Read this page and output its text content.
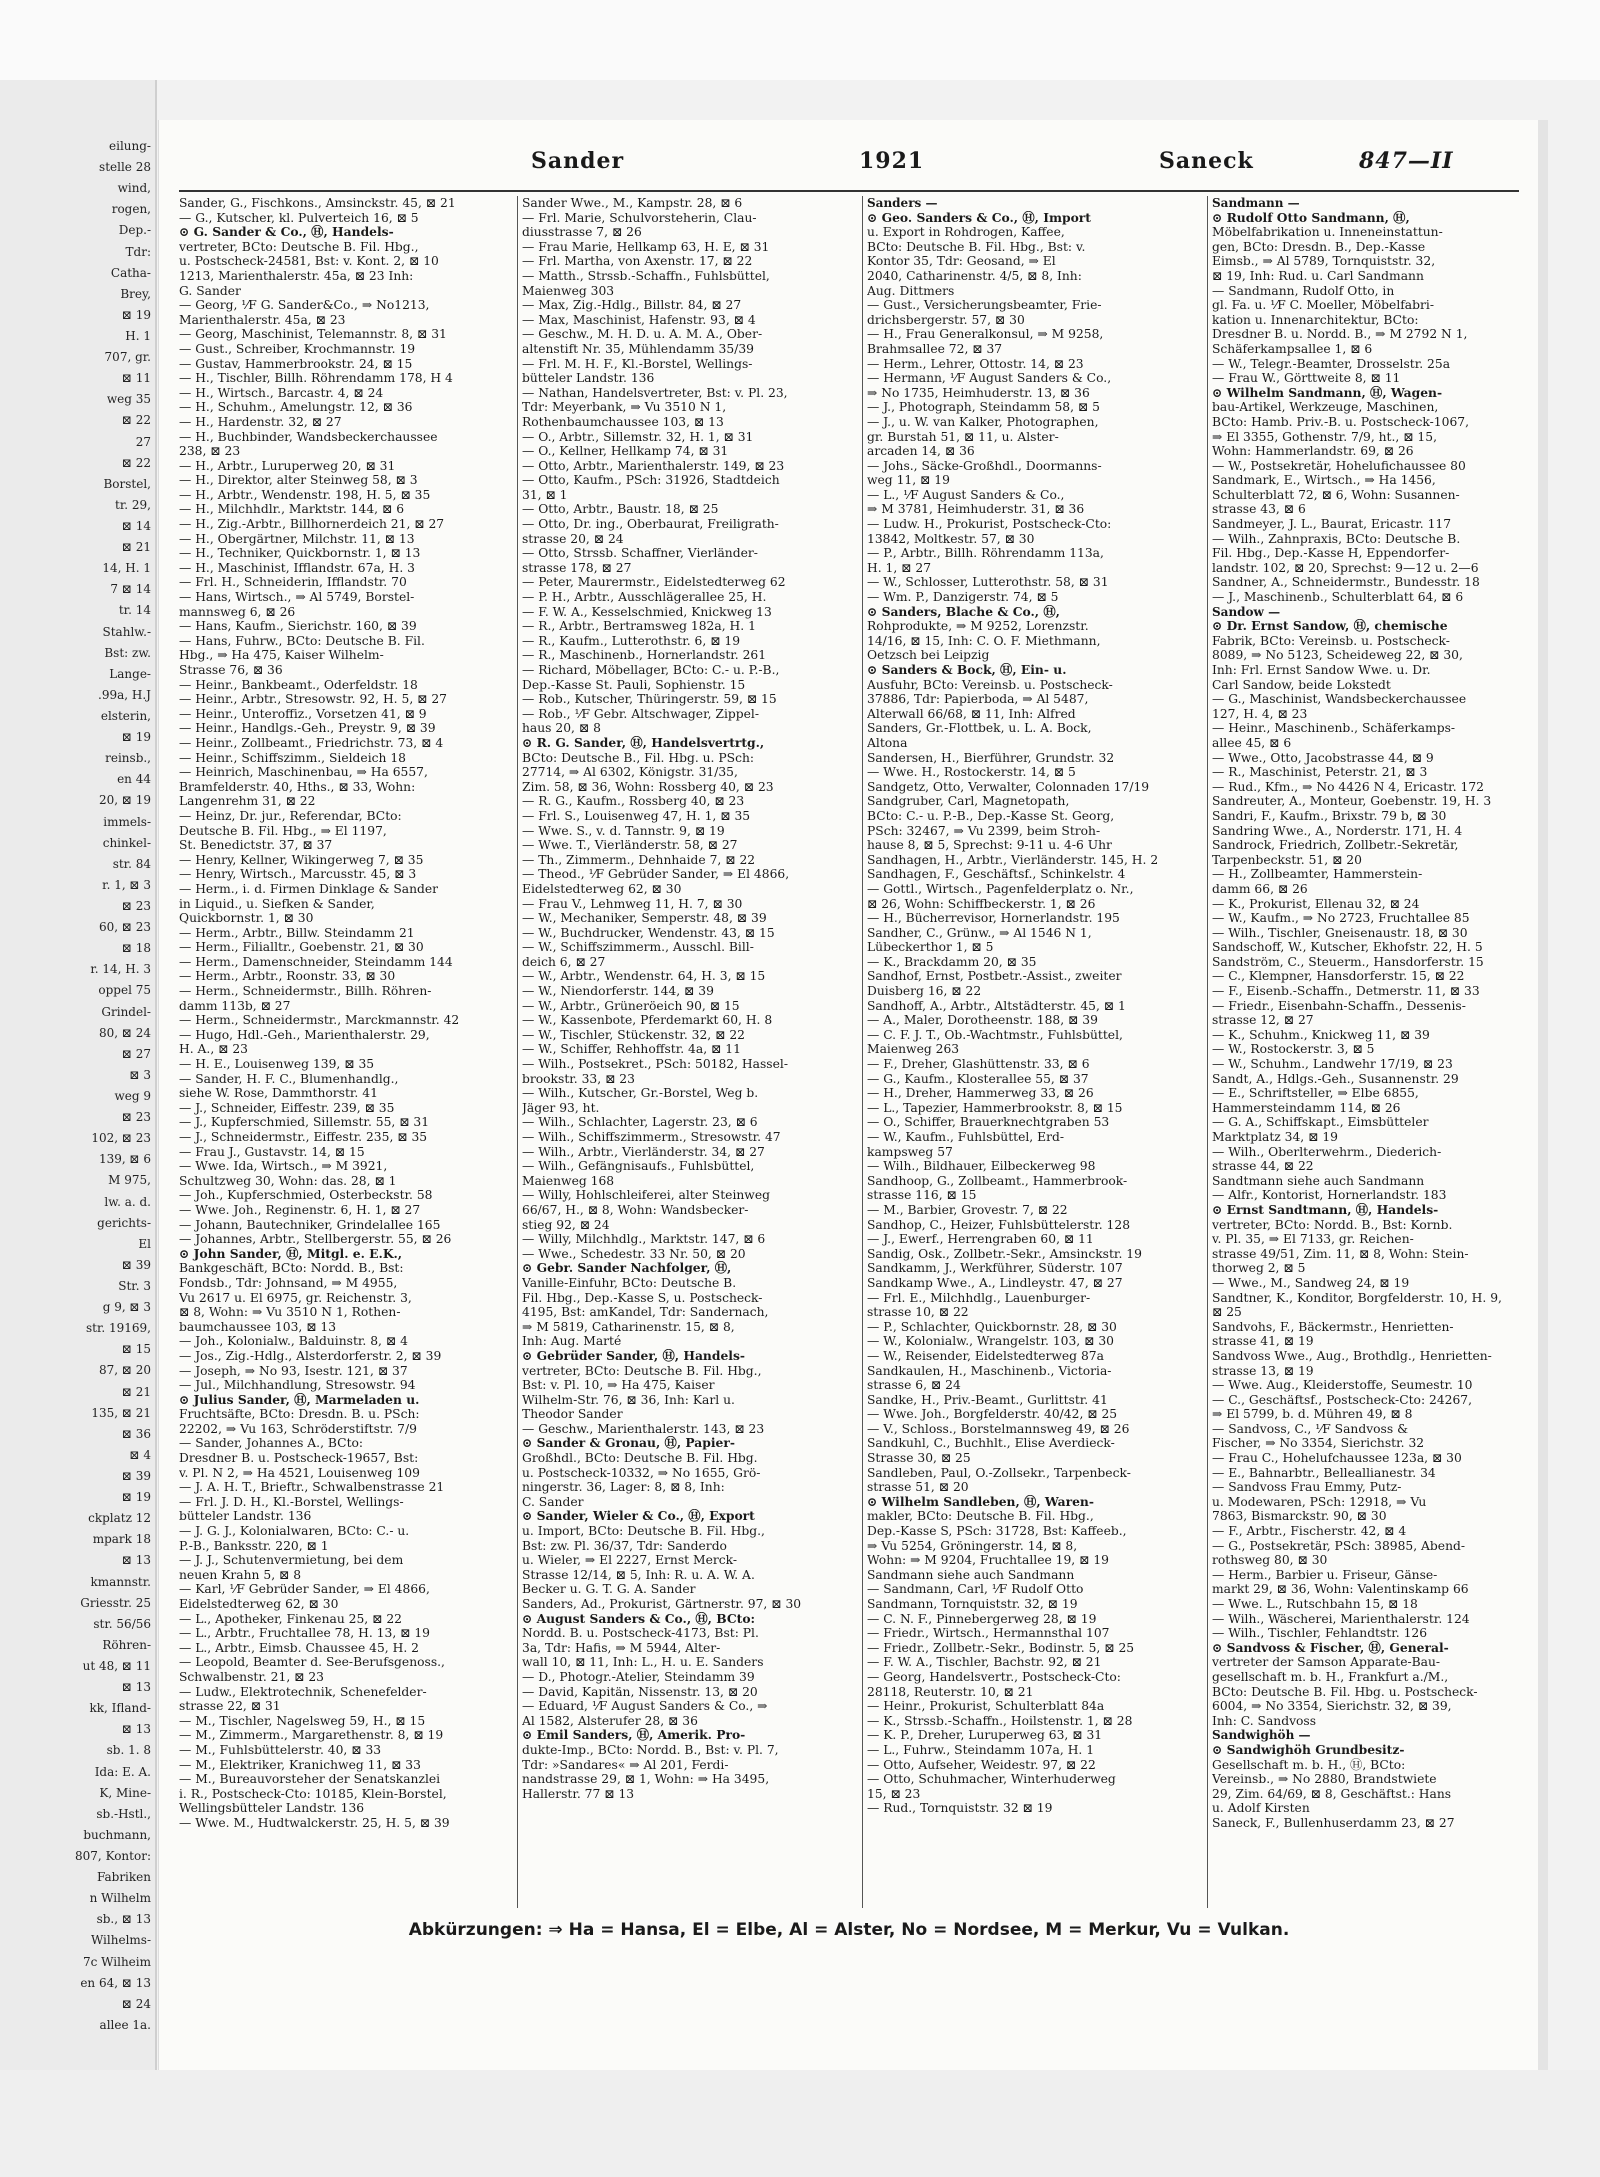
eilung-
stelle 28
wind,
rogen,
Dep.-
Tdr:
Catha-
Brey,
⊠ 19
H. 1
707, gr.
⊠ 11
weg 35
⊠ 22
27
⊠ 22
Borstel,
tr. 29,
⊠ 14
⊠ 21
14, H. 1
7 ⊠ 14
tr. 14
Stahlw.-
Bst: zw.
Lange-
.99a, H.J
elsterin,
⊠ 19
reinsb.,
en 44
20, ⊠ 19
immels-
chinkel-
str. 84
r. 1, ⊠ 3
⊠ 23
60, ⊠ 23
⊠ 18
r. 14, H. 3
oppel 75
Grindel-
80, ⊠ 24
⊠ 27
⊠ 3
weg 9
⊠ 23
102, ⊠ 23
139, ⊠ 6
M 975,
lw. a. d.
gerichts-
El
⊠ 39
Str. 3
g 9, ⊠ 3
str. 19169,
⊠ 15
87, ⊠ 20
⊠ 21
135, ⊠ 21
⊠ 36
⊠ 4
⊠ 39
⊠ 19
ckplatz 12
mpark 18
⊠ 13
kmannstr.
Griesstr. 25
str. 56/56
Röhren-
ut 48, ⊠ 11
⊠ 13
kk, Ifland-
⊠ 13
sb. 1. 8
Ida: E. A.
K, Mine-
sb.-Hstl.,
buchmann,
807, Kontor:
Fabriken
n Wilhelm
sb., ⊠ 13
Wilhelms-
7c Wilheim
en 64, ⊠ 13
⊠ 24
allee 1a.
Sander	1921	Saneck	847—II
Sander, G., Fischkons., Amsinckstr. 45, ⊠ 21
— G., Kutscher, kl. Pulverteich 16, ⊠ 5
⊙ G. Sander & Co., Ⓗ, Handels-
vertreter, BCto: Deutsche B. Fil. Hbg.,
u. Postscheck-24581, Bst: v. Kont. 2, ⊠ 10
1213, Marienthalerstr. 45a, ⊠ 23 Inh:
G. Sander
— Georg, ⅟F G. Sander&Co., ⇒ No1213,
Marienthalerstr. 45a, ⊠ 23
— Georg, Maschinist, Telemannstr. 8, ⊠ 31
— Gust., Schreiber, Krochmannstr. 19
— Gustav, Hammerbrookstr. 24, ⊠ 15
— H., Tischler, Billh. Röhrendamm 178, H 4
— H., Wirtsch., Barcastr. 4, ⊠ 24
— H., Schuhm., Amelungstr. 12, ⊠ 36
— H., Hardenstr. 32, ⊠ 27
— H., Buchbinder, Wandsbeckerchaussee
238, ⊠ 23
— H., Arbtr., Luruperweg 20, ⊠ 31
— H., Direktor, alter Steinweg 58, ⊠ 3
— H., Arbtr., Wendenstr. 198, H. 5, ⊠ 35
— H., Milchhdlr., Marktstr. 144, ⊠ 6
— H., Zig.-Arbtr., Billhornerdeich 21, ⊠ 27
— H., Obergärtner, Milchstr. 11, ⊠ 13
— H., Techniker, Quickbornstr. 1, ⊠ 13
— H., Maschinist, Ifflandstr. 67a, H. 3
— Frl. H., Schneiderin, Ifflandstr. 70
— Hans, Wirtsch., ⇒ Al 5749, Borstel-
mannsweg 6, ⊠ 26
— Hans, Kaufm., Sierichstr. 160, ⊠ 39
— Hans, Fuhrw., BCto: Deutsche B. Fil.
Hbg., ⇒ Ha 475, Kaiser Wilhelm-
Strasse 76, ⊠ 36
— Heinr., Bankbeamt., Oderfeldstr. 18
— Heinr., Arbtr., Stresowstr. 92, H. 5, ⊠ 27
— Heinr., Unteroffiz., Vorsetzen 41, ⊠ 9
— Heinr., Handlgs.-Geh., Preystr. 9, ⊠ 39
— Heinr., Zollbeamt., Friedrichstr. 73, ⊠ 4
— Heinr., Schiffszimm., Sieldeich 18
— Heinrich, Maschinenbau, ⇒ Ha 6557,
Bramfelderstr. 40, Hths., ⊠ 33, Wohn:
Langenrehm 31, ⊠ 22
— Heinz, Dr. jur., Referendar, BCto:
Deutsche B. Fil. Hbg., ⇒ El 1197,
St. Benedictstr. 37, ⊠ 37
— Henry, Kellner, Wikingerweg 7, ⊠ 35
— Henry, Wirtsch., Marcusstr. 45, ⊠ 3
— Herm., i. d. Firmen Dinklage & Sander
in Liquid., u. Siefken & Sander,
Quickbornstr. 1, ⊠ 30
— Herm., Arbtr., Billw. Steindamm 21
— Herm., Filialltr., Goebenstr. 21, ⊠ 30
— Herm., Damenschneider, Steindamm 144
— Herm., Arbtr., Roonstr. 33, ⊠ 30
— Herm., Schneidermstr., Billh. Röhren-
damm 113b, ⊠ 27
— Herm., Schneidermstr., Marckmannstr. 42
— Hugo, Hdl.-Geh., Marienthalerstr. 29,
H. A., ⊠ 23
— H. E., Louisenweg 139, ⊠ 35
— Sander, H. F. C., Blumenhandlg.,
siehe W. Rose, Dammthorstr. 41
— J., Schneider, Eiffestr. 239, ⊠ 35
— J., Kupferschmied, Sillemstr. 55, ⊠ 31
— J., Schneidermstr., Eiffestr. 235, ⊠ 35
— Frau J., Gustavstr. 14, ⊠ 15
— Wwe. Ida, Wirtsch., ⇒ M 3921,
Schultzweg 30, Wohn: das. 28, ⊠ 1
— Joh., Kupferschmied, Osterbeckstr. 58
— Wwe. Joh., Reginenstr. 6, H. 1, ⊠ 27
— Johann, Bautechniker, Grindelallee 165
— Johannes, Arbtr., Stellbergerstr. 55, ⊠ 26
⊙ John Sander, Ⓗ, Mitgl. e. E.K.,
Bankgeschäft, BCto: Nordd. B., Bst:
Fondsb., Tdr: Johnsand, ⇒ M 4955,
Vu 2617 u. El 6975, gr. Reichenstr. 3,
⊠ 8, Wohn: ⇒ Vu 3510 N 1, Rothen-
baumchaussee 103, ⊠ 13
— Joh., Kolonialw., Balduinstr. 8, ⊠ 4
— Jos., Zig.-Hdlg., Alsterdorferstr. 2, ⊠ 39
— Joseph, ⇒ No 93, Isestr. 121, ⊠ 37
— Jul., Milchhandlung, Stresowstr. 94
⊙ Julius Sander, Ⓗ, Marmeladen u.
Fruchtsäfte, BCto: Dresdn. B. u. PSch:
22202, ⇒ Vu 163, Schröderstiftstr. 7/9
— Sander, Johannes A., BCto:
Dresdner B. u. Postscheck-19657, Bst:
v. Pl. N 2, ⇒ Ha 4521, Louisenweg 109
— J. A. H. T., Brieftr., Schwalbenstrasse 21
— Frl. J. D. H., Kl.-Borstel, Wellings-
bütteler Landstr. 136
— J. G. J., Kolonialwaren, BCto: C.- u.
P.-B., Banksstr. 220, ⊠ 1
— J. J., Schutenvermietung, bei dem
neuen Krahn 5, ⊠ 8
— Karl, ⅟F Gebrüder Sander, ⇒ El 4866,
Eidelstedterweg 62, ⊠ 30
— L., Apotheker, Finkenau 25, ⊠ 22
— L., Arbtr., Fruchtallee 78, H. 13, ⊠ 19
— L., Arbtr., Eimsb. Chaussee 45, H. 2
— Leopold, Beamter d. See-Berufsgenoss.,
Schwalbenstr. 21, ⊠ 23
— Ludw., Elektrotechnik, Schenefelder-
strasse 22, ⊠ 31
— M., Tischler, Nagelsweg 59, H., ⊠ 15
— M., Zimmerm., Margarethenstr. 8, ⊠ 19
— M., Fuhlsbüttelerstr. 40, ⊠ 33
— M., Elektriker, Kranichweg 11, ⊠ 33
— M., Bureauvorsteher der Senatskanzlei
i. R., Postscheck-Cto: 10185, Klein-Borstel,
Wellingsbütteler Landstr. 136
— Wwe. M., Hudtwalckerstr. 25, H. 5, ⊠ 39
Sander Wwe., M., Kampstr. 28, ⊠ 6
— Frl. Marie, Schulvorsteherin, Clau-
diusstrasse 7, ⊠ 26
— Frau Marie, Hellkamp 63, H. E, ⊠ 31
— Frl. Martha, von Axenstr. 17, ⊠ 22
— Matth., Strssb.-Schaffn., Fuhlsbüttel,
Maienweg 303
— Max, Zig.-Hdlg., Billstr. 84, ⊠ 27
— Max, Maschinist, Hafenstr. 93, ⊠ 4
— Geschw., M. H. D. u. A. M. A., Ober-
altenstift Nr. 35, Mühlendamm 35/39
— Frl. M. H. F., Kl.-Borstel, Wellings-
bütteler Landstr. 136
— Nathan, Handelsvertreter, Bst: v. Pl. 23,
Tdr: Meyerbank, ⇒ Vu 3510 N 1,
Rothenbaumchaussee 103, ⊠ 13
— O., Arbtr., Sillemstr. 32, H. 1, ⊠ 31
— O., Kellner, Hellkamp 74, ⊠ 31
— Otto, Arbtr., Marienthalerstr. 149, ⊠ 23
— Otto, Kaufm., PSch: 31926, Stadtdeich
31, ⊠ 1
— Otto, Arbtr., Baustr. 18, ⊠ 25
— Otto, Dr. ing., Oberbaurat, Freiligrath-
strasse 20, ⊠ 24
— Otto, Strssb. Schaffner, Vierländer-
strasse 178, ⊠ 27
— Peter, Maurermstr., Eidelstedterweg 62
— P. H., Arbtr., Ausschlägerallee 25, H.
— F. W. A., Kesselschmied, Knickweg 13
— R., Arbtr., Bertramsweg 182a, H. 1
— R., Kaufm., Lutterothstr. 6, ⊠ 19
— R., Maschinenb., Hornerlandstr. 261
— Richard, Möbellager, BCto: C.- u. P.-B.,
Dep.-Kasse St. Pauli, Sophienstr. 15
— Rob., Kutscher, Thüringerstr. 59, ⊠ 15
— Rob., ⅟F Gebr. Altschwager, Zippel-
haus 20, ⊠ 8
⊙ R. G. Sander, Ⓗ, Handelsvertrtg.,
BCto: Deutsche B., Fil. Hbg. u. PSch:
27714, ⇒ Al 6302, Königstr. 31/35,
Zim. 58, ⊠ 36, Wohn: Rossberg 40, ⊠ 23
— R. G., Kaufm., Rossberg 40, ⊠ 23
— Frl. S., Louisenweg 47, H. 1, ⊠ 35
— Wwe. S., v. d. Tannstr. 9, ⊠ 19
— Wwe. T., Vierländerstr. 58, ⊠ 27
— Th., Zimmerm., Dehnhaide 7, ⊠ 22
— Theod., ⅟F Gebrüder Sander, ⇒ El 4866,
Eidelstedterweg 62, ⊠ 30
— Frau V., Lehmweg 11, H. 7, ⊠ 30
— W., Mechaniker, Semperstr. 48, ⊠ 39
— W., Buchdrucker, Wendenstr. 43, ⊠ 15
— W., Schiffszimmerm., Ausschl. Bill-
deich 6, ⊠ 27
— W., Arbtr., Wendenstr. 64, H. 3, ⊠ 15
— W., Niendorferstr. 144, ⊠ 39
— W., Arbtr., Grüneröeich 90, ⊠ 15
— W., Kassenbote, Pferdemarkt 60, H. 8
— W., Tischler, Stückenstr. 32, ⊠ 22
— W., Schiffer, Rehhoffstr. 4a, ⊠ 11
— Wilh., Postsekret., PSch: 50182, Hassel-
brookstr. 33, ⊠ 23
— Wilh., Kutscher, Gr.-Borstel, Weg b.
Jäger 93, ht.
— Wilh., Schlachter, Lagerstr. 23, ⊠ 6
— Wilh., Schiffszimmerm., Stresowstr. 47
— Wilh., Arbtr., Vierländerstr. 34, ⊠ 27
— Wilh., Gefängnisaufs., Fuhlsbüttel,
Maienweg 168
— Willy, Hohlschleiferei, alter Steinweg
66/67, H., ⊠ 8, Wohn: Wandsbecker-
stieg 92, ⊠ 24
— Willy, Milchhdlg., Marktstr. 147, ⊠ 6
— Wwe., Schedestr. 33 Nr. 50, ⊠ 20
⊙ Gebr. Sander Nachfolger, Ⓗ,
Vanille-Einfuhr, BCto: Deutsche B.
Fil. Hbg., Dep.-Kasse S, u. Postscheck-
4195, Bst: amKandel, Tdr: Sandernach,
⇒ M 5819, Catharinenstr. 15, ⊠ 8,
Inh: Aug. Marté
⊙ Gebrüder Sander, Ⓗ, Handels-
vertreter, BCto: Deutsche B. Fil. Hbg.,
Bst: v. Pl. 10, ⇒ Ha 475, Kaiser
Wilhelm-Str. 76, ⊠ 36, Inh: Karl u.
Theodor Sander
— Geschw., Marienthalerstr. 143, ⊠ 23
⊙ Sander & Gronau, Ⓗ, Papier-
Großhdl., BCto: Deutsche B. Fil. Hbg.
u. Postscheck-10332, ⇒ No 1655, Grö-
ningerstr. 36, Lager: 8, ⊠ 8, Inh:
C. Sander
⊙ Sander, Wieler & Co., Ⓗ, Export
u. Import, BCto: Deutsche B. Fil. Hbg.,
Bst: zw. Pl. 36/37, Tdr: Sanderdo
u. Wieler, ⇒ El 2227, Ernst Merck-
Strasse 12/14, ⊠ 5, Inh: R. u. A. W. A.
Becker u. G. T. G. A. Sander
Sanders, Ad., Prokurist, Gärtnerstr. 97, ⊠ 30
⊙ August Sanders & Co., Ⓗ, BCto:
Nordd. B. u. Postscheck-4173, Bst: Pl.
3a, Tdr: Hafis, ⇒ M 5944, Alter-
wall 10, ⊠ 11, Inh: L., H. u. E. Sanders
— D., Photogr.-Atelier, Steindamm 39
— David, Kapitän, Nissenstr. 13, ⊠ 20
— Eduard, ⅟F August Sanders & Co., ⇒
Al 1582, Alsterufer 28, ⊠ 36
⊙ Emil Sanders, Ⓗ, Amerik. Pro-
dukte-Imp., BCto: Nordd. B., Bst: v. Pl. 7,
Tdr: »Sandares« ⇒ Al 201, Ferdi-
nandstrasse 29, ⊠ 1, Wohn: ⇒ Ha 3495,
Hallerstr. 77 ⊠ 13
Sanders —
⊙ Geo. Sanders & Co., Ⓗ, Import
u. Export in Rohdrogen, Kaffee,
BCto: Deutsche B. Fil. Hbg., Bst: v.
Kontor 35, Tdr: Geosand, ⇒ El
2040, Catharinenstr. 4/5, ⊠ 8, Inh:
Aug. Dittmers
— Gust., Versicherungsbeamter, Frie-
drichsbergerstr. 57, ⊠ 30
— H., Frau Generalkonsul, ⇒ M 9258,
Brahmsallee 72, ⊠ 37
— Herm., Lehrer, Ottostr. 14, ⊠ 23
— Hermann, ⅟F August Sanders & Co.,
⇒ No 1735, Heimhuderstr. 13, ⊠ 36
— J., Photograph, Steindamm 58, ⊠ 5
— J., u. W. van Kalker, Photographen,
gr. Burstah 51, ⊠ 11, u. Alster-
arcaden 14, ⊠ 36
— Johs., Säcke-Großhdl., Doormanns-
weg 11, ⊠ 19
— L., ⅟F August Sanders & Co.,
⇒ M 3781, Heimhuderstr. 31, ⊠ 36
— Ludw. H., Prokurist, Postscheck-Cto:
13842, Moltkestr. 57, ⊠ 30
— P., Arbtr., Billh. Röhrendamm 113a,
H. 1, ⊠ 27
— W., Schlosser, Lutterothstr. 58, ⊠ 31
— Wm. P., Danzigerstr. 74, ⊠ 5
⊙ Sanders, Blache & Co., Ⓗ,
Rohprodukte, ⇒ M 9252, Lorenzstr.
14/16, ⊠ 15, Inh: C. O. F. Miethmann,
Oetzsch bei Leipzig
⊙ Sanders & Bock, Ⓗ, Ein- u.
Ausfuhr, BCto: Vereinsb. u. Postscheck-
37886, Tdr: Papierboda, ⇒ Al 5487,
Alterwall 66/68, ⊠ 11, Inh: Alfred
Sanders, Gr.-Flottbek, u. L. A. Bock,
Altona
Sandersen, H., Bierführer, Grundstr. 32
— Wwe. H., Rostockerstr. 14, ⊠ 5
Sandgetz, Otto, Verwalter, Colonnaden 17/19
Sandgruber, Carl, Magnetopath,
BCto: C.- u. P.-B., Dep.-Kasse St. Georg,
PSch: 32467, ⇒ Vu 2399, beim Stroh-
hause 8, ⊠ 5, Sprechst: 9-11 u. 4-6 Uhr
Sandhagen, H., Arbtr., Vierländerstr. 145, H. 2
Sandhagen, F., Geschäftsf., Schinkelstr. 4
— Gottl., Wirtsch., Pagenfelderplatz o. Nr.,
⊠ 26, Wohn: Schiffbeckerstr. 1, ⊠ 26
— H., Bücherrevisor, Hornerlandstr. 195
Sandher, C., Grünw., ⇒ Al 1546 N 1,
Lübeckerthor 1, ⊠ 5
— K., Brackdamm 20, ⊠ 35
Sandhof, Ernst, Postbetr.-Assist., zweiter
Duisberg 16, ⊠ 22
Sandhoff, A., Arbtr., Altstädterstr. 45, ⊠ 1
— A., Maler, Dorotheenstr. 188, ⊠ 39
— C. F. J. T., Ob.-Wachtmstr., Fuhlsbüttel,
Maienweg 263
— F., Dreher, Glashüttenstr. 33, ⊠ 6
— G., Kaufm., Klosterallee 55, ⊠ 37
— H., Dreher, Hammerweg 33, ⊠ 26
— L., Tapezier, Hammerbrookstr. 8, ⊠ 15
— O., Schiffer, Brauerknechtgraben 53
— W., Kaufm., Fuhlsbüttel, Erd-
kampsweg 57
— Wilh., Bildhauer, Eilbeckerweg 98
Sandhoop, G., Zollbeamt., Hammerbrook-
strasse 116, ⊠ 15
— M., Barbier, Grovestr. 7, ⊠ 22
Sandhop, C., Heizer, Fuhlsbüttelerstr. 128
— J., Ewerf., Herrengraben 60, ⊠ 11
Sandig, Osk., Zollbetr.-Sekr., Amsinckstr. 19
Sandkamm, J., Werkführer, Süderstr. 107
Sandkamp Wwe., A., Lindleystr. 47, ⊠ 27
— Frl. E., Milchhdlg., Lauenburger-
strasse 10, ⊠ 22
— P., Schlachter, Quickbornstr. 28, ⊠ 30
— W., Kolonialw., Wrangelstr. 103, ⊠ 30
— W., Reisender, Eidelstedterweg 87a
Sandkaulen, H., Maschinenb., Victoria-
strasse 6, ⊠ 24
Sandke, H., Priv.-Beamt., Gurlittstr. 41
— Wwe. Joh., Borgfelderstr. 40/42, ⊠ 25
— V., Schloss., Borstelmannsweg 49, ⊠ 26
Sandkuhl, C., Buchhlt., Elise Averdieck-
Strasse 30, ⊠ 25
Sandleben, Paul, O.-Zollsekr., Tarpenbeck-
strasse 51, ⊠ 20
⊙ Wilhelm Sandleben, Ⓗ, Waren-
makler, BCto: Deutsche B. Fil. Hbg.,
Dep.-Kasse S, PSch: 31728, Bst: Kaffeeb.,
⇒ Vu 5254, Gröningerstr. 14, ⊠ 8,
Wohn: ⇒ M 9204, Fruchtallee 19, ⊠ 19
Sandmann siehe auch Sandmann
— Sandmann, Carl, ⅟F Rudolf Otto
Sandmann, Tornquiststr. 32, ⊠ 19
— C. N. F., Pinnebergerweg 28, ⊠ 19
— Friedr., Wirtsch., Hermannsthal 107
— Friedr., Zollbetr.-Sekr., Bodinstr. 5, ⊠ 25
— F. W. A., Tischler, Bachstr. 92, ⊠ 21
— Georg, Handelsvertr., Postscheck-Cto:
28118, Reuterstr. 10, ⊠ 21
— Heinr., Prokurist, Schulterblatt 84a
— K., Strssb.-Schaffn., Hoilstenstr. 1, ⊠ 28
— K. P., Dreher, Luruperweg 63, ⊠ 31
— L., Fuhrw., Steindamm 107a, H. 1
— Otto, Aufseher, Weidestr. 97, ⊠ 22
— Otto, Schuhmacher, Winterhuderweg
15, ⊠ 23
— Rud., Tornquiststr. 32 ⊠ 19
Sandmann —
⊙ Rudolf Otto Sandmann, Ⓗ,
Möbelfabrikation u. Inneneinstattun-
gen, BCto: Dresdn. B., Dep.-Kasse
Eimsb., ⇒ Al 5789, Tornquiststr. 32,
⊠ 19, Inh: Rud. u. Carl Sandmann
— Sandmann, Rudolf Otto, in
gl. Fa. u. ⅟F C. Moeller, Möbelfabri-
kation u. Innenarchitektur, BCto:
Dresdner B. u. Nordd. B., ⇒ M 2792 N 1,
Schäferkampsallee 1, ⊠ 6
— W., Telegr.-Beamter, Drosselstr. 25a
— Frau W., Görttweite 8, ⊠ 11
⊙ Wilhelm Sandmann, Ⓗ, Wagen-
bau-Artikel, Werkzeuge, Maschinen,
BCto: Hamb. Priv.-B. u. Postscheck-1067,
⇒ El 3355, Gothenstr. 7/9, ht., ⊠ 15,
Wohn: Hammerlandstr. 69, ⊠ 26
— W., Postsekretär, Hohelufichaussee 80
Sandmark, E., Wirtsch., ⇒ Ha 1456,
Schulterblatt 72, ⊠ 6, Wohn: Susannen-
strasse 43, ⊠ 6
Sandmeyer, J. L., Baurat, Ericastr. 117
— Wilh., Zahnpraxis, BCto: Deutsche B.
Fil. Hbg., Dep.-Kasse H, Eppendorfer-
landstr. 102, ⊠ 20, Sprechst: 9—12 u. 2—6
Sandner, A., Schneidermstr., Bundesstr. 18
— J., Maschinenb., Schulterblatt 64, ⊠ 6
Sandow —
⊙ Dr. Ernst Sandow, Ⓗ, chemische
Fabrik, BCto: Vereinsb. u. Postscheck-
8089, ⇒ No 5123, Scheideweg 22, ⊠ 30,
Inh: Frl. Ernst Sandow Wwe. u. Dr.
Carl Sandow, beide Lokstedt
— G., Maschinist, Wandsbeckerchaussee
127, H. 4, ⊠ 23
— Heinr., Maschinenb., Schäferkamps-
allee 45, ⊠ 6
— Wwe., Otto, Jacobstrasse 44, ⊠ 9
— R., Maschinist, Peterstr. 21, ⊠ 3
— Rud., Kfm., ⇒ No 4426 N 4, Ericastr. 172
Sandreuter, A., Monteur, Goebenstr. 19, H. 3
Sandri, F., Kaufm., Brixstr. 79 b, ⊠ 30
Sandring Wwe., A., Norderstr. 171, H. 4
Sandrock, Friedrich, Zollbetr.-Sekretär,
Tarpenbeckstr. 51, ⊠ 20
— H., Zollbeamter, Hammerstein-
damm 66, ⊠ 26
— K., Prokurist, Ellenau 32, ⊠ 24
— W., Kaufm., ⇒ No 2723, Fruchtallee 85
— Wilh., Tischler, Gneisenaustr. 18, ⊠ 30
Sandschoff, W., Kutscher, Ekhofstr. 22, H. 5
Sandström, C., Steuerm., Hansdorferstr. 15
— C., Klempner, Hansdorferstr. 15, ⊠ 22
— F., Eisenb.-Schaffn., Detmerstr. 11, ⊠ 33
— Friedr., Eisenbahn-Schaffn., Dessenis-
strasse 12, ⊠ 27
— K., Schuhm., Knickweg 11, ⊠ 39
— W., Rostockerstr. 3, ⊠ 5
— W., Schuhm., Landwehr 17/19, ⊠ 23
Sandt, A., Hdlgs.-Geh., Susannenstr. 29
— E., Schriftsteller, ⇒ Elbe 6855,
Hammersteindamm 114, ⊠ 26
— G. A., Schiffskapt., Eimsbütteler
Marktplatz 34, ⊠ 19
— Wilh., Oberlterwehrm., Diederich-
strasse 44, ⊠ 22
Sandtmann siehe auch Sandmann
— Alfr., Kontorist, Hornerlandstr. 183
⊙ Ernst Sandtmann, Ⓗ, Handels-
vertreter, BCto: Nordd. B., Bst: Kornb.
v. Pl. 35, ⇒ El 7133, gr. Reichen-
strasse 49/51, Zim. 11, ⊠ 8, Wohn: Stein-
thorweg 2, ⊠ 5
— Wwe., M., Sandweg 24, ⊠ 19
Sandtner, K., Konditor, Borgfelderstr. 10, H. 9,
⊠ 25
Sandvohs, F., Bäckermstr., Henrietten-
strasse 41, ⊠ 19
Sandvoss Wwe., Aug., Brothdlg., Henrietten-
strasse 13, ⊠ 19
— Wwe. Aug., Kleiderstoffe, Seumestr. 10
— C., Geschäftsf., Postscheck-Cto: 24267,
⇒ El 5799, b. d. Mühren 49, ⊠ 8
— Sandvoss, C., ⅟F Sandvoss &
Fischer, ⇒ No 3354, Sierichstr. 32
— Frau C., Hohelufchaussee 123a, ⊠ 30
— E., Bahnarbtr., Belleallianestr. 34
— Sandvoss Frau Emmy, Putz-
u. Modewaren, PSch: 12918, ⇒ Vu
7863, Bismarckstr. 90, ⊠ 30
— F., Arbtr., Fischerstr. 42, ⊠ 4
— G., Postsekretär, PSch: 38985, Abend-
rothsweg 80, ⊠ 30
— Herm., Barbier u. Friseur, Gänse-
markt 29, ⊠ 36, Wohn: Valentinskamp 66
— Wwe. L., Rutschbahn 15, ⊠ 18
— Wilh., Wäscherei, Marienthalerstr. 124
— Wilh., Tischler, Fehlandtstr. 126
⊙ Sandvoss & Fischer, Ⓗ, General-
vertreter der Samson Apparate-Bau-
gesellschaft m. b. H., Frankfurt a./M.,
BCto: Deutsche B. Fil. Hbg. u. Postscheck-
6004, ⇒ No 3354, Sierichstr. 32, ⊠ 39,
Inh: C. Sandvoss
Sandwighöh —
⊙ Sandwighöh Grundbesitz-
Gesellschaft m. b. H., Ⓗ, BCto:
Vereinsb., ⇒ No 2880, Brandstwiete
29, Zim. 64/69, ⊠ 8, Geschäftst.: Hans
u. Adolf Kirsten
Saneck, F., Bullenhuserdamm 23, ⊠ 27
Abkürzungen: ⇒ Ha = Hansa, El = Elbe, Al = Alster, No = Nordsee, M = Merkur, Vu = Vulkan.
